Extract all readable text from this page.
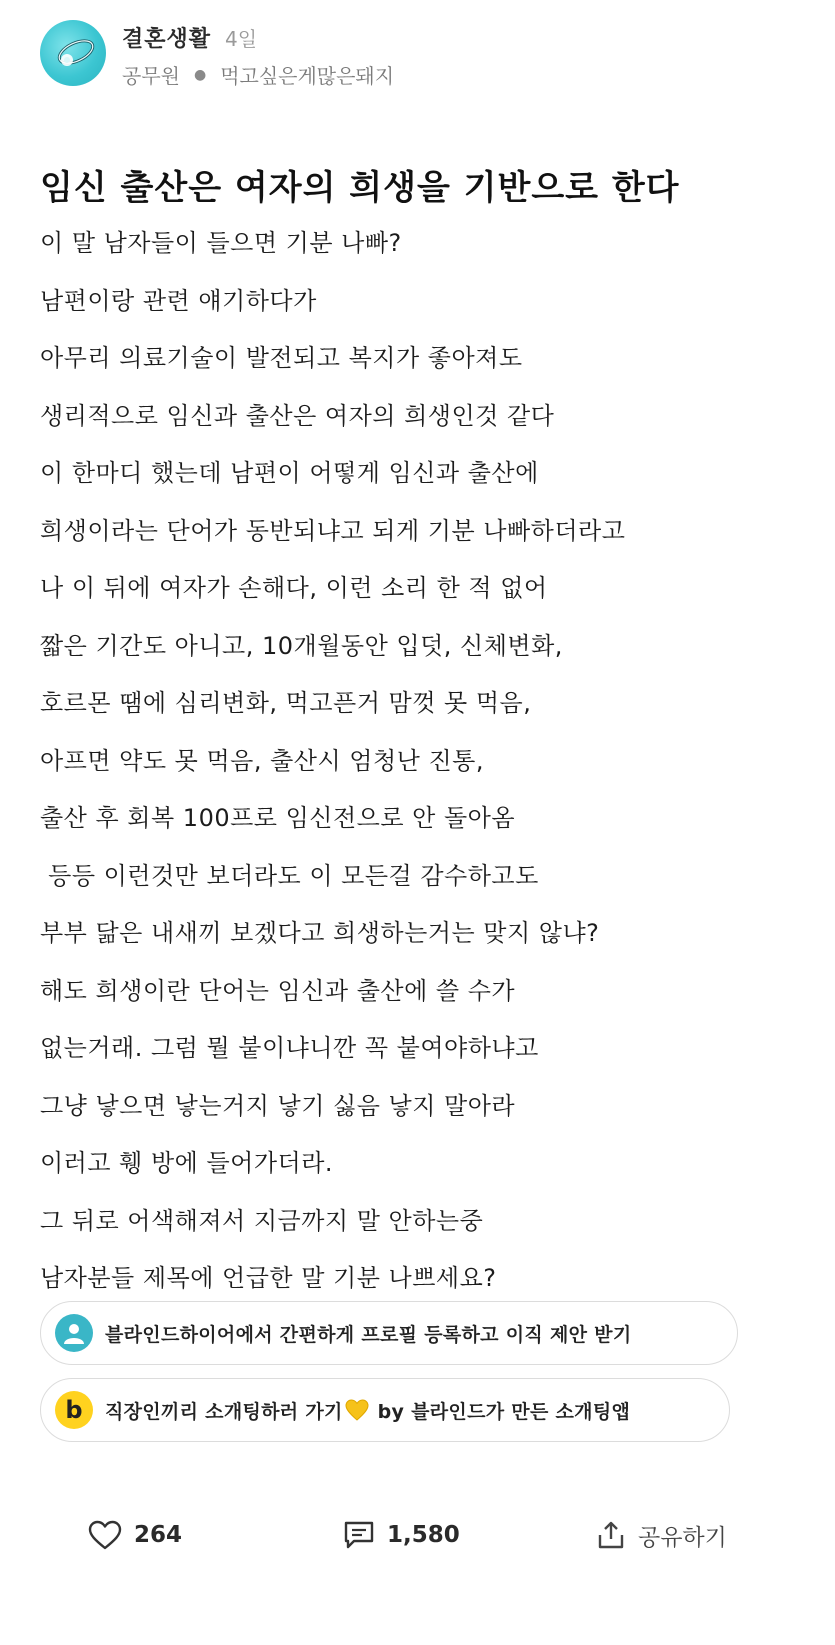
결혼생활 4일
공무원 ● 먹고싶은게많은돼지
임신 출산은 여자의 희생을 기반으로 한다
이 말 남자들이 들으면 기분 나빠?
남편이랑 관련 얘기하다가
아무리 의료기술이 발전되고 복지가 좋아져도
생리적으로 임신과 출산은 여자의 희생인것 같다
이 한마디 했는데 남편이 어떻게 임신과 출산에
희생이라는 단어가 동반되냐고 되게 기분 나빠하더라고
나 이 뒤에 여자가 손해다, 이런 소리 한 적 없어
짧은 기간도 아니고, 10개월동안 입덧, 신체변화,
호르몬 땜에 심리변화, 먹고픈거 맘껏 못 먹음,
아프면 약도 못 먹음, 출산시 엄청난 진통,
출산 후 회복 100프로 임신전으로 안 돌아옴
등등 이런것만 보더라도 이 모든걸 감수하고도
부부 닮은 내새끼 보겠다고 희생하는거는 맞지 않냐?
해도 희생이란 단어는 임신과 출산에 쓸 수가
없는거래. 그럼 뭘 붙이냐니깐 꼭 붙여야하냐고
그냥 낳으면 낳는거지 낳기 싫음 낳지 말아라
이러고 휑 방에 들어가더라.
그 뒤로 어색해져서 지금까지 말 안하는중
남자분들 제목에 언급한 말 기분 나쁘세요?
블라인드하이어에서 간편하게 프로필 등록하고 이직 제안 받기
b	직장인끼리 소개팅하러 가기 by 블라인드가 만든 소개팅앱
264	1,580	공유하기
